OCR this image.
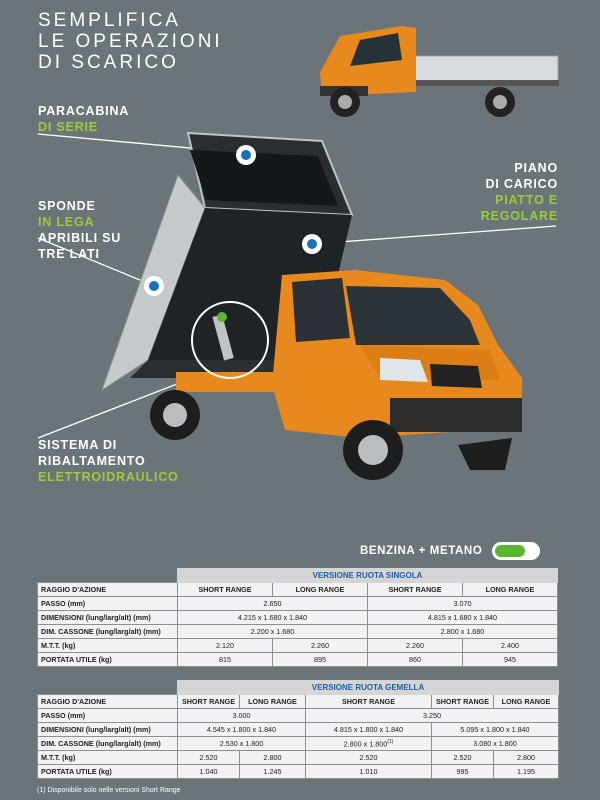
SEMPLIFICA
LE OPERAZIONI
DI SCARICO
PARACABINA
DI SERIE
PIANO
DI CARICO
PIATTO E
REGOLARE
SPONDE
IN LEGA
APRIBILI SU
TRE LATI
SISTEMA DI
RIBALTAMENTO
ELETTROIDRAULICO
BENZINA + METANO
	VERSIONE RUOTA SINGOLA			
RAGGIO D'AZIONE	SHORT RANGE	LONG RANGE	SHORT RANGE	LONG RANGE
PASSO (mm)	2.650		3.070	
DIMENSIONI (lung/larg/alt) (mm)	4.215 x 1.680 x 1.840		4.815 x 1.680 x 1.840	
DIM. CASSONE (lung/larg/alt) (mm)	2.200 x 1.680		2.800 x 1.680	
M.T.T. (kg)	2.120	2.260	2.260	2.400
PORTATA UTILE (kg)	815	895	860	945
	VERSIONE RUOTA GEMELLA				
RAGGIO D'AZIONE	SHORT RANGE	LONG RANGE	SHORT RANGE	SHORT RANGE	LONG RANGE
PASSO (mm)	3.000		3.250		
DIMENSIONI (lung/larg/alt) (mm)	4.545 x 1.800 x 1.840		4.815 x 1.800 x 1.840	5.095 x 1.800 x 1.840	
DIM. CASSONE (lung/larg/alt) (mm)	2.530 x 1.800		2.800 x 1.800$^{(1)}$	3.080 x 1.800	
M.T.T. (kg)	2.520	2.800	2.520	2.520	2.800
PORTATA UTILE (kg)	1.040	1.245	1.010	995	1.195
(1) Disponibile solo nelle versioni Short Range
